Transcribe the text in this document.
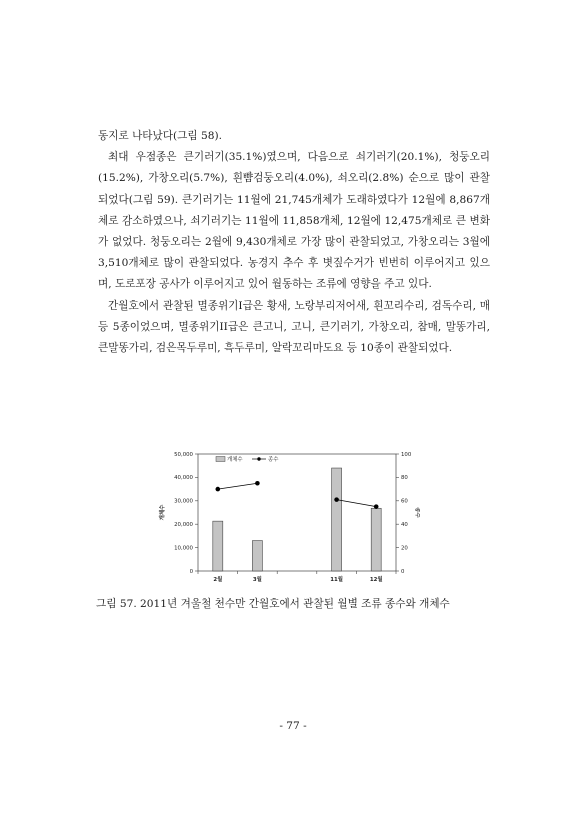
동지로 나타났다(그림 58).

최대 우점종은 큰기러기(35.1%)였으며, 다음으로 쇠기러기(20.1%), 청둥오리(15.2%), 가창오리(5.7%), 흰뺨검둥오리(4.0%), 쇠오리(2.8%) 순으로 많이 관찰되었다(그림 59). 큰기러기는 11월에 21,745개체가 도래하였다가 12월에 8,867개체로 감소하였으나, 쇠기러기는 11월에 11,858개체, 12월에 12,475개체로 큰 변화가 없었다. 청둥오리는 2월에 9,430개체로 가장 많이 관찰되었고, 가창오리는 3월에 3,510개체로 많이 관찰되었다. 농경지 추수 후 볏짚수거가 빈번히 이루어지고 있으며, 도로포장 공사가 이루어지고 있어 월동하는 조류에 영향을 주고 있다.

간월호에서 관찰된 멸종위기I급은 황새, 노랑부리저어새, 흰꼬리수리, 검독수리, 매 등 5종이었으며, 멸종위기II급은 큰고니, 고니, 큰기러기, 가창오리, 참매, 말똥가리, 큰말똥가리, 검은목두루미, 흑두루미, 알락꼬리마도요 등 10종이 관찰되었다.

0
10,000
20,000
30,000
40,000
50,000
0
20
40
60
80
100
개체수	종수
2월	3월	11월	12월
개체수	종수
그림 57. 2011년 겨울철 천수만 간월호에서 관찰된 월별 조류 종수와 개체수
- 77 -
